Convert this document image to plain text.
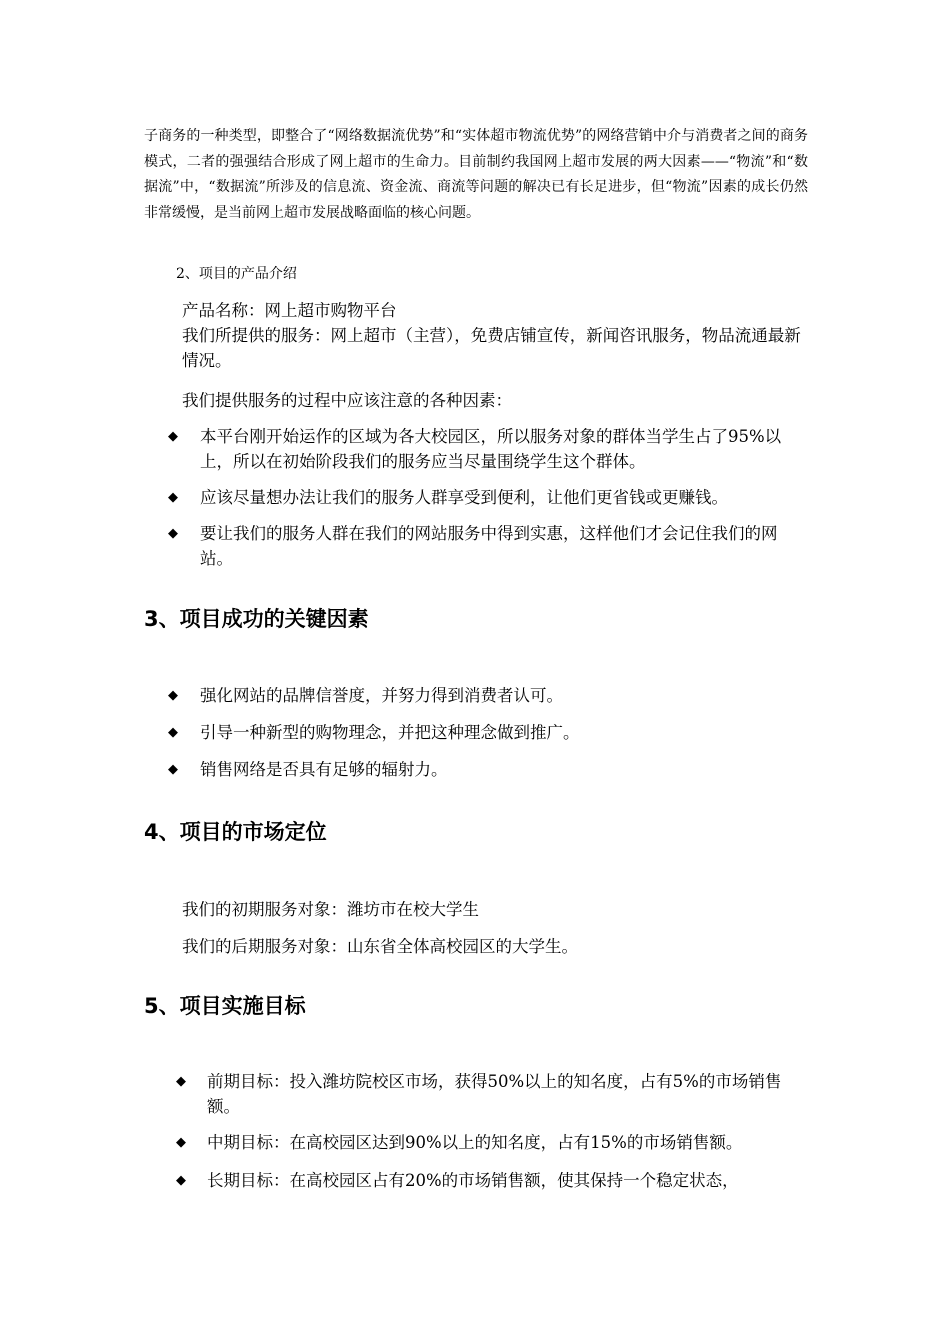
子商务的一种类型，即整合了“网络数据流优势”和“实体超市物流优势”的网络营销中介与消费者之间的商务模式，二者的强强结合形成了网上超市的生命力。目前制约我国网上超市发展的两大因素——“物流”和“数据流”中，“数据流”所涉及的信息流、资金流、商流等问题的解决已有长足进步，但“物流”因素的成长仍然非常缓慢，是当前网上超市发展战略面临的核心问题。

2、项目的产品介绍

产品名称：网上超市购物平台
我们所提供的服务：网上超市（主营），免费店铺宣传，新闻咨讯服务，物品流通最新情况。

我们提供服务的过程中应该注意的各种因素：

◆ 本平台刚开始运作的区域为各大校园区，所以服务对象的群体当学生占了95%以上，所以在初始阶段我们的服务应当尽量围绕学生这个群体。
◆ 应该尽量想办法让我们的服务人群享受到便利，让他们更省钱或更赚钱。
◆ 要让我们的服务人群在我们的网站服务中得到实惠，这样他们才会记住我们的网站。
3、项目成功的关键因素
◆ 强化网站的品牌信誉度，并努力得到消费者认可。
◆ 引导一种新型的购物理念，并把这种理念做到推广。
◆ 销售网络是否具有足够的辐射力。
4、项目的市场定位

我们的初期服务对象：潍坊市在校大学生

我们的后期服务对象：山东省全体高校园区的大学生。

5、项目实施目标
◆ 前期目标：投入潍坊院校区市场，获得50%以上的知名度，占有5%的市场销售额。
◆ 中期目标：在高校园区达到90%以上的知名度，占有15%的市场销售额。
◆ 长期目标：在高校园区占有20%的市场销售额，使其保持一个稳定状态，
